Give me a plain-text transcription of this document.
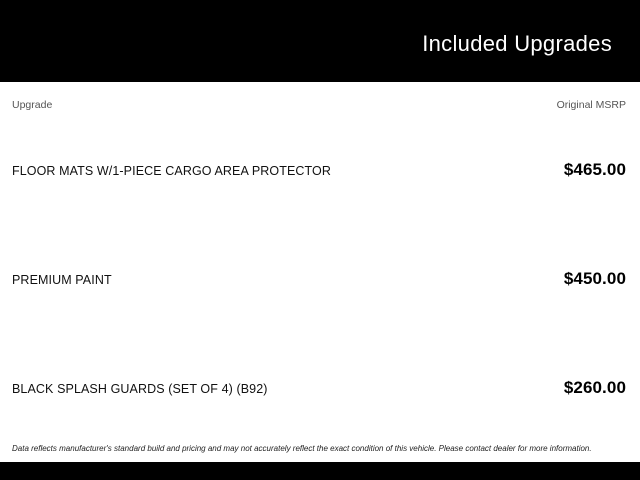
Included Upgrades
Upgrade	Original MSRP
FLOOR MATS W/1-PIECE CARGO AREA PROTECTOR	$465.00
PREMIUM PAINT	$450.00
BLACK SPLASH GUARDS (SET OF 4) (B92)	$260.00
Data reflects manufacturer's standard build and pricing and may not accurately reflect the exact condition of this vehicle. Please contact dealer for more information.
